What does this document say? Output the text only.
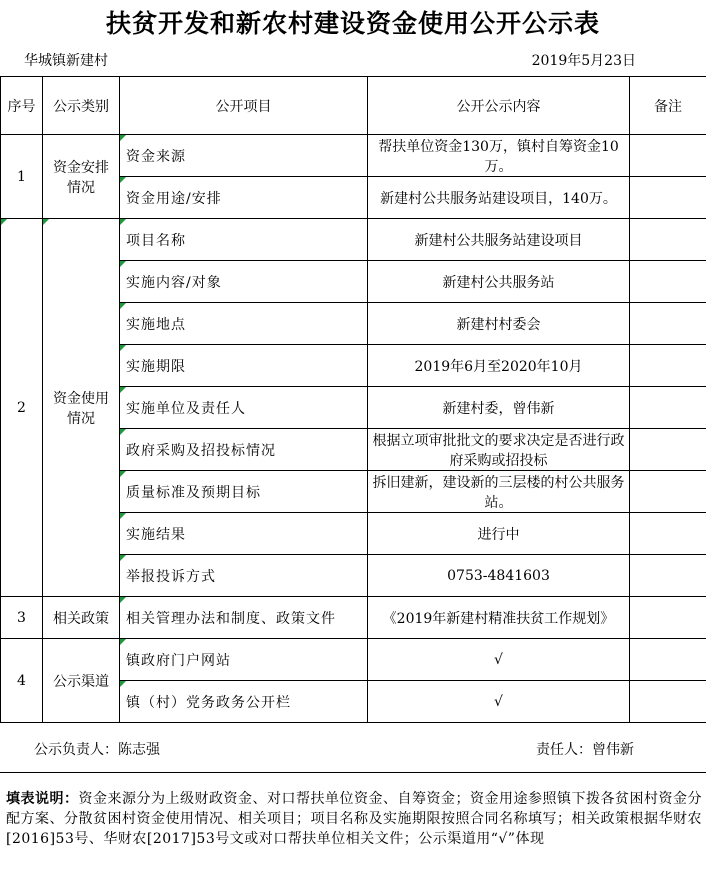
扶贫开发和新农村建设资金使用公开公示表
华城镇新建村	2019年5月23日
序号	公示类别	公开项目	公开公示内容	备注
1	资金安排情况	资金来源	帮扶单位资金130万，镇村自筹资金10万。	
		资金用途/安排	新建村公共服务站建设项目，140万。	
2	资金使用情况	项目名称	新建村公共服务站建设项目	
		实施内容/对象	新建村公共服务站	
		实施地点	新建村村委会	
		实施期限	2019年6月至2020年10月	
		实施单位及责任人	新建村委，曾伟新	
		政府采购及招投标情况	根据立项审批批文的要求决定是否进行政府采购或招投标	
		质量标准及预期目标	拆旧建新，建设新的三层楼的村公共服务站。	
		实施结果	进行中	
		举报投诉方式	0753-4841603	
3	相关政策	相关管理办法和制度、政策文件	《2019年新建村精准扶贫工作规划》	
4	公示渠道	镇政府门户网站	√	
		镇（村）党务政务公开栏	√	
公示负责人：陈志强	责任人：曾伟新
填表说明：资金来源分为上级财政资金、对口帮扶单位资金、自筹资金；资金用途参照镇下拨各贫困村资金分配方案、分散贫困村资金使用情况、相关项目；项目名称及实施期限按照合同名称填写；相关政策根据华财农[2016]53号、华财农[2017]53号文或对口帮扶单位相关文件；公示渠道用“√”体现
